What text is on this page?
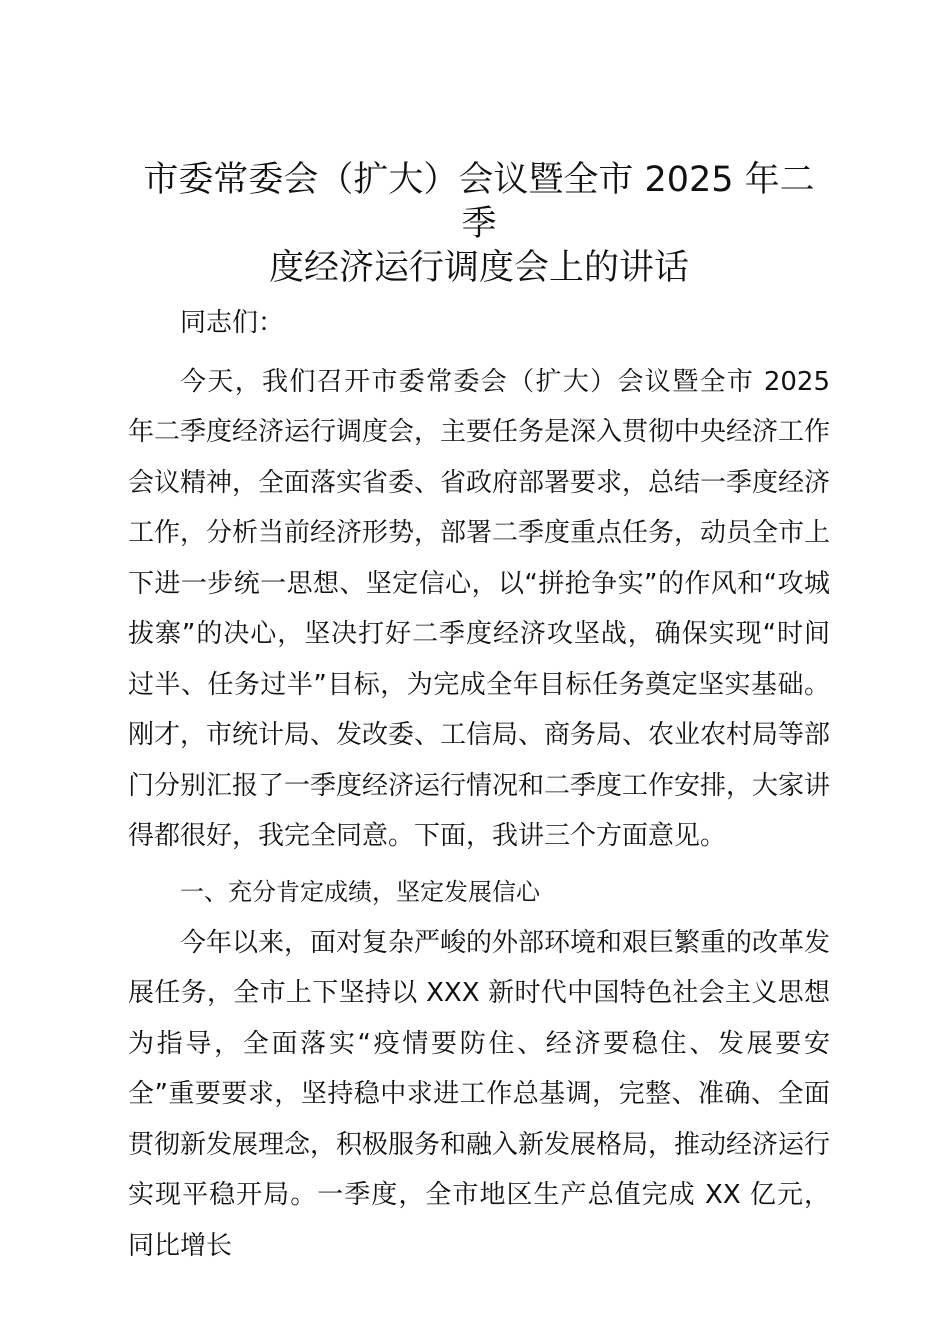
市委常委会（扩大）会议暨全市 2025 年二季
度经济运行调度会上的讲话

同志们：

今天，我们召开市委常委会（扩大）会议暨全市 2025 年二季度经济运行调度会，主要任务是深入贯彻中央经济工作会议精神，全面落实省委、省政府部署要求，总结一季度经济工作，分析当前经济形势，部署二季度重点任务，动员全市上下进一步统一思想、坚定信心，以“拼抢争实”的作风和“攻城拔寨”的决心，坚决打好二季度经济攻坚战，确保实现“时间过半、任务过半”目标，为完成全年目标任务奠定坚实基础。刚才，市统计局、发改委、工信局、商务局、农业农村局等部门分别汇报了一季度经济运行情况和二季度工作安排，大家讲得都很好，我完全同意。下面，我讲三个方面意见。

一、充分肯定成绩，坚定发展信心

今年以来，面对复杂严峻的外部环境和艰巨繁重的改革发展任务，全市上下坚持以 XXX 新时代中国特色社会主义思想为指导，全面落实“疫情要防住、经济要稳住、发展要安全”重要要求，坚持稳中求进工作总基调，完整、准确、全面贯彻新发展理念，积极服务和融入新发展格局，推动经济运行实现平稳开局。一季度，全市地区生产总值完成 XX 亿元，同比增长
